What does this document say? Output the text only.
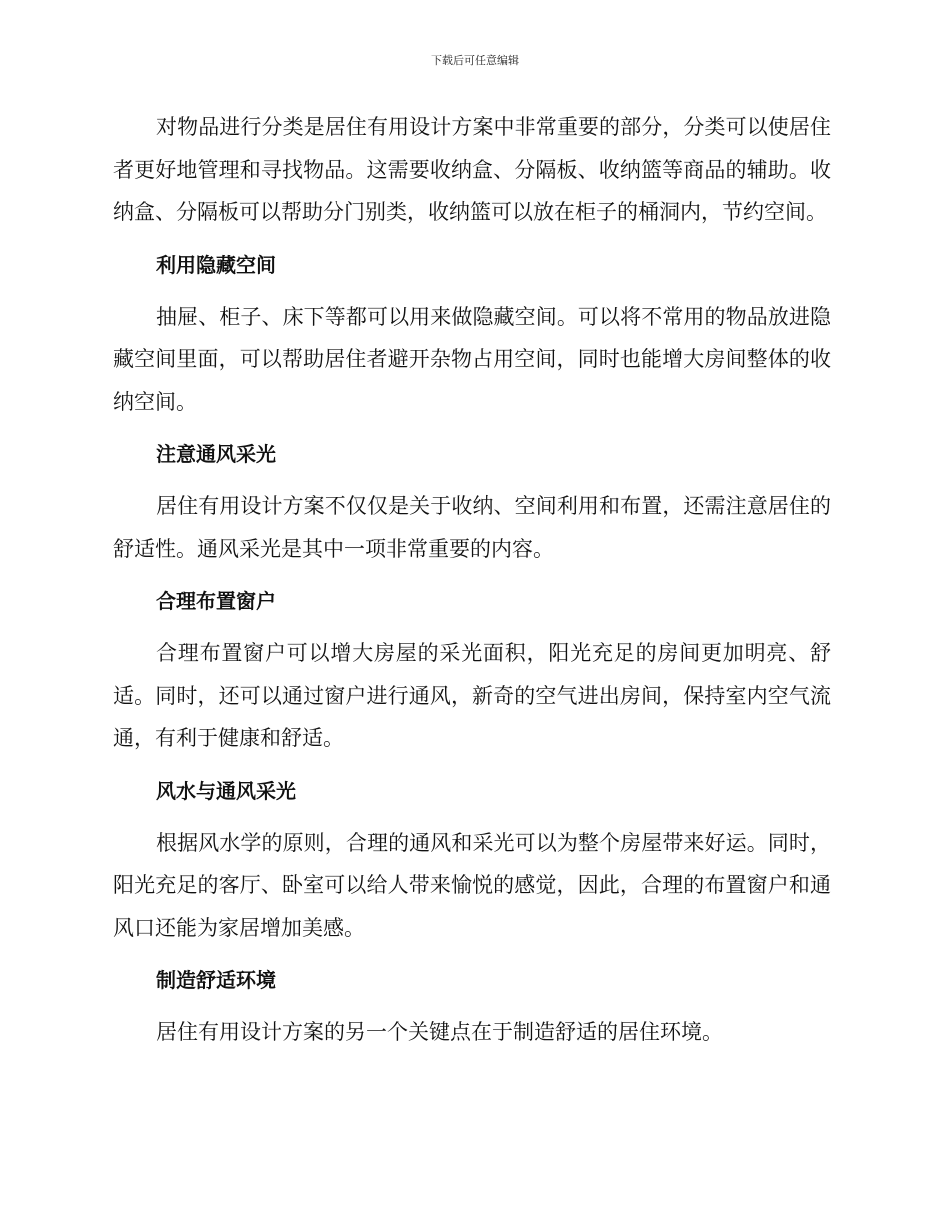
下载后可任意编辑

对物品进行分类是居住有用设计方案中非常重要的部分，分类可以使居住者更好地管理和寻找物品。这需要收纳盒、分隔板、收纳篮等商品的辅助。收纳盒、分隔板可以帮助分门别类，收纳篮可以放在柜子的桶洞内，节约空间。

利用隐藏空间

抽屉、柜子、床下等都可以用来做隐藏空间。可以将不常用的物品放进隐藏空间里面，可以帮助居住者避开杂物占用空间，同时也能增大房间整体的收纳空间。

注意通风采光

居住有用设计方案不仅仅是关于收纳、空间利用和布置，还需注意居住的舒适性。通风采光是其中一项非常重要的内容。

合理布置窗户

合理布置窗户可以增大房屋的采光面积，阳光充足的房间更加明亮、舒适。同时，还可以通过窗户进行通风，新奇的空气进出房间，保持室内空气流通，有利于健康和舒适。

风水与通风采光

根据风水学的原则，合理的通风和采光可以为整个房屋带来好运。同时，阳光充足的客厅、卧室可以给人带来愉悦的感觉，因此，合理的布置窗户和通风口还能为家居增加美感。

制造舒适环境

居住有用设计方案的另一个关键点在于制造舒适的居住环境。
